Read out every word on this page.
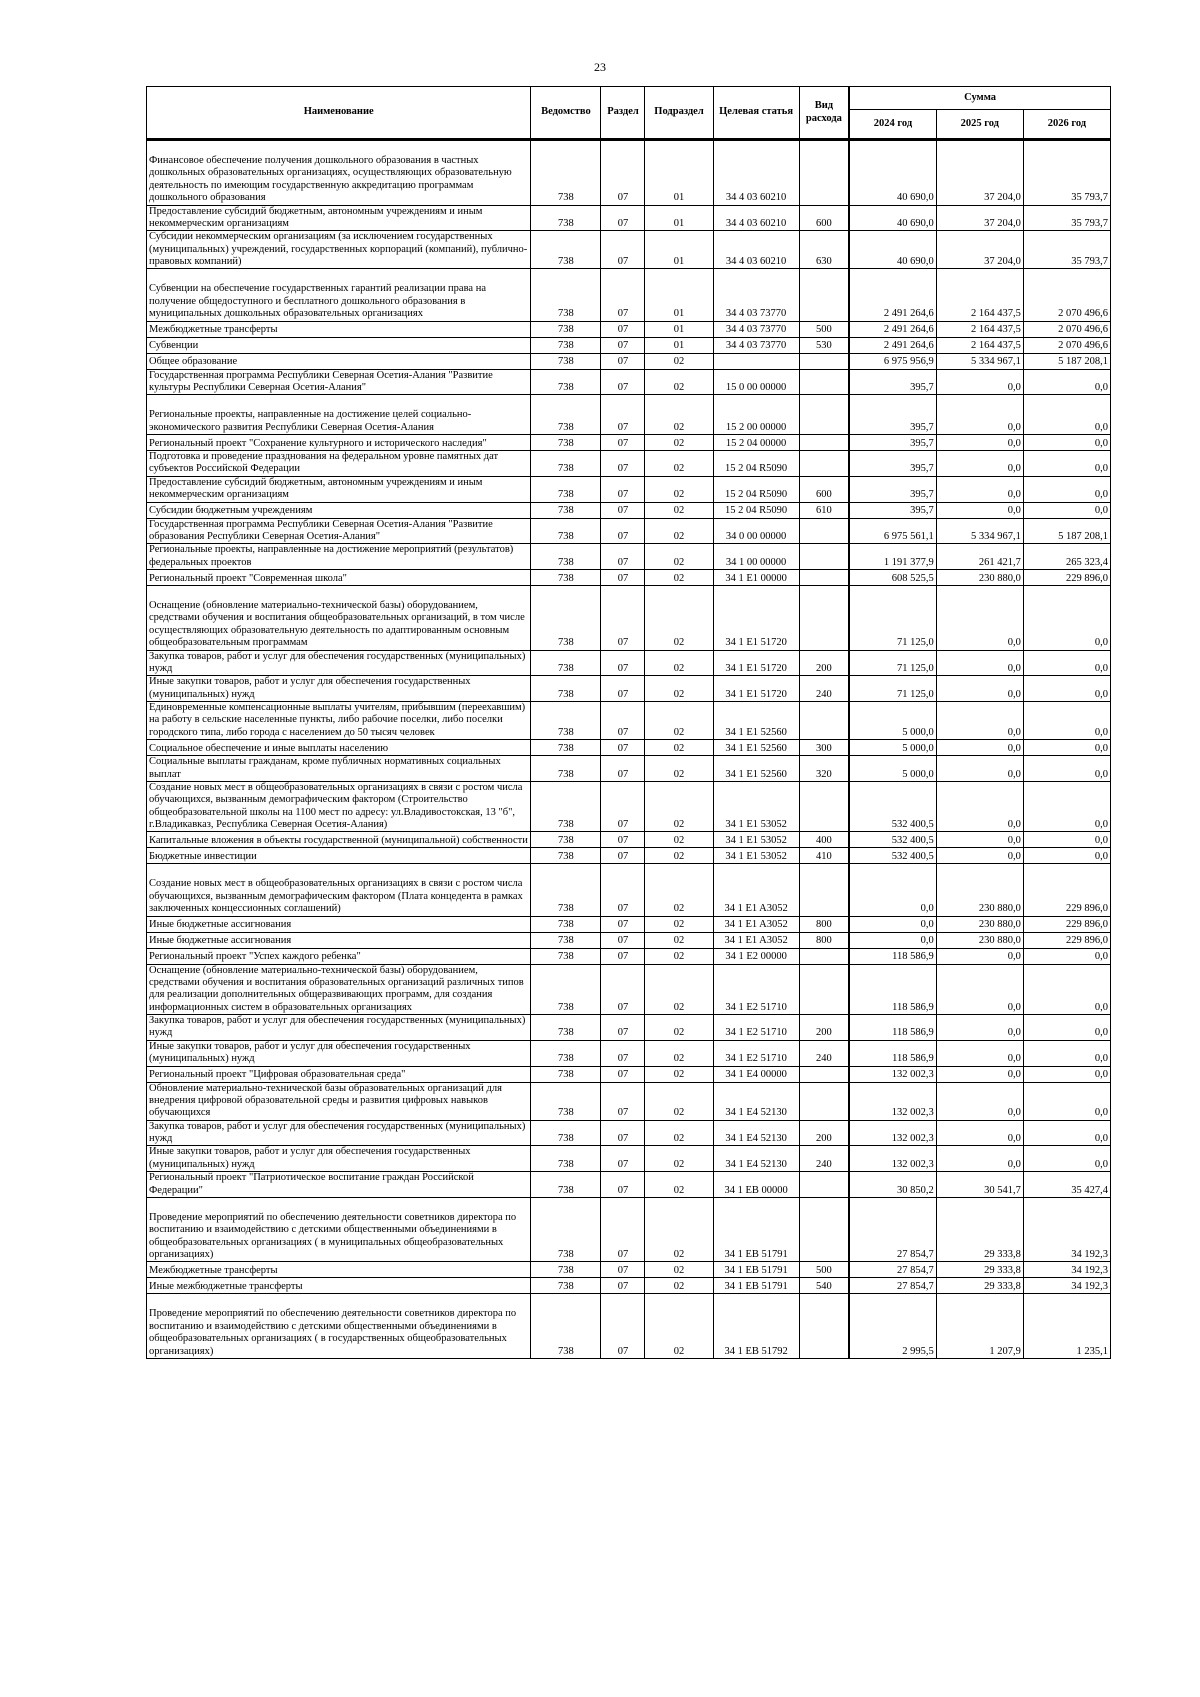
23
Наименование	Ведомство	Раздел	Подраздел	Целевая статья	Вид расхода	Сумма		
						2024 год	2025 год	2026 год
Финансовое обеспечение получения дошкольного образования в частных дошкольных образовательных организациях, осуществляющих образовательную деятельность по имеющим государственную аккредитацию программам дошкольного образования	738	07	01	34 4 03 60210		40 690,0	37 204,0	35 793,7
Предоставление субсидий бюджетным, автономным учреждениям и иным некоммерческим организациям	738	07	01	34 4 03 60210	600	40 690,0	37 204,0	35 793,7
Субсидии некоммерческим организациям (за исключением государственных (муниципальных) учреждений, государственных корпораций (компаний), публично-правовых компаний)	738	07	01	34 4 03 60210	630	40 690,0	37 204,0	35 793,7
Субвенции на обеспечение государственных гарантий реализации права на получение общедоступного и бесплатного дошкольного образования в муниципальных дошкольных образовательных организациях	738	07	01	34 4 03 73770		2 491 264,6	2 164 437,5	2 070 496,6
Межбюджетные трансферты	738	07	01	34 4 03 73770	500	2 491 264,6	2 164 437,5	2 070 496,6
Субвенции	738	07	01	34 4 03 73770	530	2 491 264,6	2 164 437,5	2 070 496,6
Общее образование	738	07	02			6 975 956,9	5 334 967,1	5 187 208,1
Государственная программа Республики Северная Осетия-Алания "Развитие культуры Республики Северная Осетия-Алания"	738	07	02	15 0 00 00000		395,7	0,0	0,0
Региональные проекты, направленные на достижение целей социально-экономического развития Республики Северная Осетия-Алания	738	07	02	15 2 00 00000		395,7	0,0	0,0
Региональный проект "Сохранение культурного и исторического наследия"	738	07	02	15 2 04 00000		395,7	0,0	0,0
Подготовка и проведение празднования на федеральном уровне памятных дат субъектов Российской Федерации	738	07	02	15 2 04 R5090		395,7	0,0	0,0
Предоставление субсидий бюджетным, автономным учреждениям и иным некоммерческим организациям	738	07	02	15 2 04 R5090	600	395,7	0,0	0,0
Субсидии бюджетным учреждениям	738	07	02	15 2 04 R5090	610	395,7	0,0	0,0
Государственная программа Республики Северная Осетия-Алания "Развитие образования Республики Северная Осетия-Алания"	738	07	02	34 0 00 00000		6 975 561,1	5 334 967,1	5 187 208,1
Региональные проекты, направленные на достижение мероприятий (результатов) федеральных проектов	738	07	02	34 1 00 00000		1 191 377,9	261 421,7	265 323,4
Региональный проект "Современная школа"	738	07	02	34 1 E1 00000		608 525,5	230 880,0	229 896,0
Оснащение (обновление материально-технической базы) оборудованием, средствами обучения и воспитания общеобразовательных организаций, в том числе осуществляющих образовательную деятельность по адаптированным основным общеобразовательным программам	738	07	02	34 1 E1 51720		71 125,0	0,0	0,0
Закупка товаров, работ и услуг для обеспечения государственных (муниципальных) нужд	738	07	02	34 1 E1 51720	200	71 125,0	0,0	0,0
Иные закупки товаров, работ и услуг для обеспечения государственных (муниципальных) нужд	738	07	02	34 1 E1 51720	240	71 125,0	0,0	0,0
Единовременные компенсационные выплаты учителям, прибывшим (переехавшим) на работу в сельские населенные пункты, либо рабочие поселки, либо поселки городского типа, либо города с населением до 50 тысяч человек	738	07	02	34 1 E1 52560		5 000,0	0,0	0,0
Социальное обеспечение и иные выплаты населению	738	07	02	34 1 E1 52560	300	5 000,0	0,0	0,0
Социальные выплаты гражданам, кроме публичных нормативных социальных выплат	738	07	02	34 1 E1 52560	320	5 000,0	0,0	0,0
Создание новых мест в общеобразовательных организациях в связи с ростом числа обучающихся, вызванным демографическим фактором (Строительство общеобразовательной школы на 1100 мест по адресу: ул.Владивостокская, 13 "б", г.Владикавказ, Республика Северная Осетия-Алания)	738	07	02	34 1 E1 53052		532 400,5	0,0	0,0
Капитальные вложения в объекты государственной (муниципальной) собственности	738	07	02	34 1 E1 53052	400	532 400,5	0,0	0,0
Бюджетные инвестиции	738	07	02	34 1 E1 53052	410	532 400,5	0,0	0,0
Создание новых мест в общеобразовательных организациях в связи с ростом числа обучающихся, вызванным демографическим фактором (Плата концедента в рамках заключенных концессионных соглашений)	738	07	02	34 1 E1 A3052		0,0	230 880,0	229 896,0
Иные бюджетные ассигнования	738	07	02	34 1 E1 A3052	800	0,0	230 880,0	229 896,0
Иные бюджетные ассигнования	738	07	02	34 1 E1 A3052	800	0,0	230 880,0	229 896,0
Региональный проект "Успех каждого ребенка"	738	07	02	34 1 E2 00000		118 586,9	0,0	0,0
Оснащение (обновление материально-технической базы) оборудованием, средствами обучения и воспитания образовательных организаций различных типов для реализации дополнительных общеразвивающих программ, для создания информационных систем в образовательных организациях	738	07	02	34 1 E2 51710		118 586,9	0,0	0,0
Закупка товаров, работ и услуг для обеспечения государственных (муниципальных) нужд	738	07	02	34 1 E2 51710	200	118 586,9	0,0	0,0
Иные закупки товаров, работ и услуг для обеспечения государственных (муниципальных) нужд	738	07	02	34 1 E2 51710	240	118 586,9	0,0	0,0
Региональный проект "Цифровая образовательная среда"	738	07	02	34 1 E4 00000		132 002,3	0,0	0,0
Обновление материально-технической базы образовательных организаций для внедрения цифровой образовательной среды и развития цифровых навыков обучающихся	738	07	02	34 1 E4 52130		132 002,3	0,0	0,0
Закупка товаров, работ и услуг для обеспечения государственных (муниципальных) нужд	738	07	02	34 1 E4 52130	200	132 002,3	0,0	0,0
Иные закупки товаров, работ и услуг для обеспечения государственных (муниципальных) нужд	738	07	02	34 1 E4 52130	240	132 002,3	0,0	0,0
Региональный проект "Патриотическое воспитание граждан Российской Федерации"	738	07	02	34 1 EB 00000		30 850,2	30 541,7	35 427,4
Проведение мероприятий по обеспечению деятельности советников директора по воспитанию и взаимодействию с детскими общественными объединениями в общеобразовательных организациях ( в муниципальных общеобразовательных организациях)	738	07	02	34 1 EB 51791		27 854,7	29 333,8	34 192,3
Межбюджетные трансферты	738	07	02	34 1 EB 51791	500	27 854,7	29 333,8	34 192,3
Иные межбюджетные трансферты	738	07	02	34 1 EB 51791	540	27 854,7	29 333,8	34 192,3
Проведение мероприятий по обеспечению деятельности советников директора по воспитанию и взаимодействию с детскими общественными объединениями в общеобразовательных организациях ( в государственных общеобразовательных организациях)	738	07	02	34 1 EB 51792		2 995,5	1 207,9	1 235,1
